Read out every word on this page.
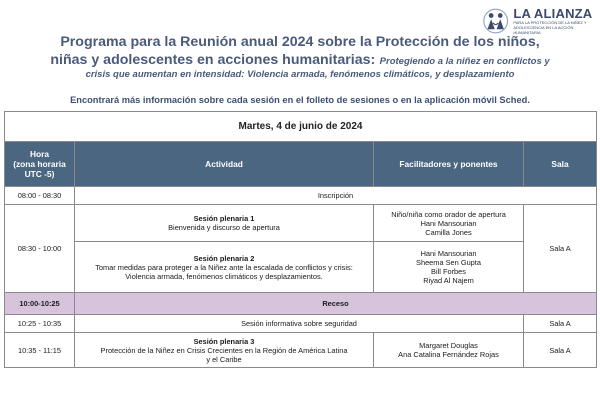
LA ALIANZA
PARA LA PROTECCIÓN DE LA NIÑEZ Y
ADOLESCENCIA EN LA ACCIÓN HUMANITARIA
Programa para la Reunión anual 2024 sobre la Protección de los niños,
niñas y adolescentes en acciones humanitarias: Protegiendo a la niñez en conflictos y
crisis que aumentan en intensidad: Violencia armada, fenómenos climáticos, y desplazamiento
Encontrará más información sobre cada sesión en el folleto de sesiones o en la aplicación móvil Sched.
Martes, 4 de junio de 2024			

Hora
(zona horaria
UTC -5)	Actividad	Facilitadores y ponentes	Sala
08:00 - 08:30	Inscripción		
08:30 - 10:00	Sesión plenaria 1
Bienvenida y discurso de apertura	Niño/niña como orador de apertura
Hani Mansourian
Camilla Jones	Sala A

	Sesión plenaria 2
Tomar medidas para proteger a la Niñez ante la escalada de conflictos y crisis:
Violencia armada, fenómenos climáticos y desplazamientos.	Hani Mansourian
Sheema Sen Gupta
Bill Forbes
Riyad Al Najem	

10:00-10:25	Receso		
10:25 - 10:35	Sesión informativa sobre seguridad		Sala A
10:35 - 11:15	Sesión plenaria 3
Protección de la Niñez en Crisis Crecientes en la Región de América Latina
y el Caribe	Margaret Douglas
Ana Catalina Fernández Rojas	Sala A
